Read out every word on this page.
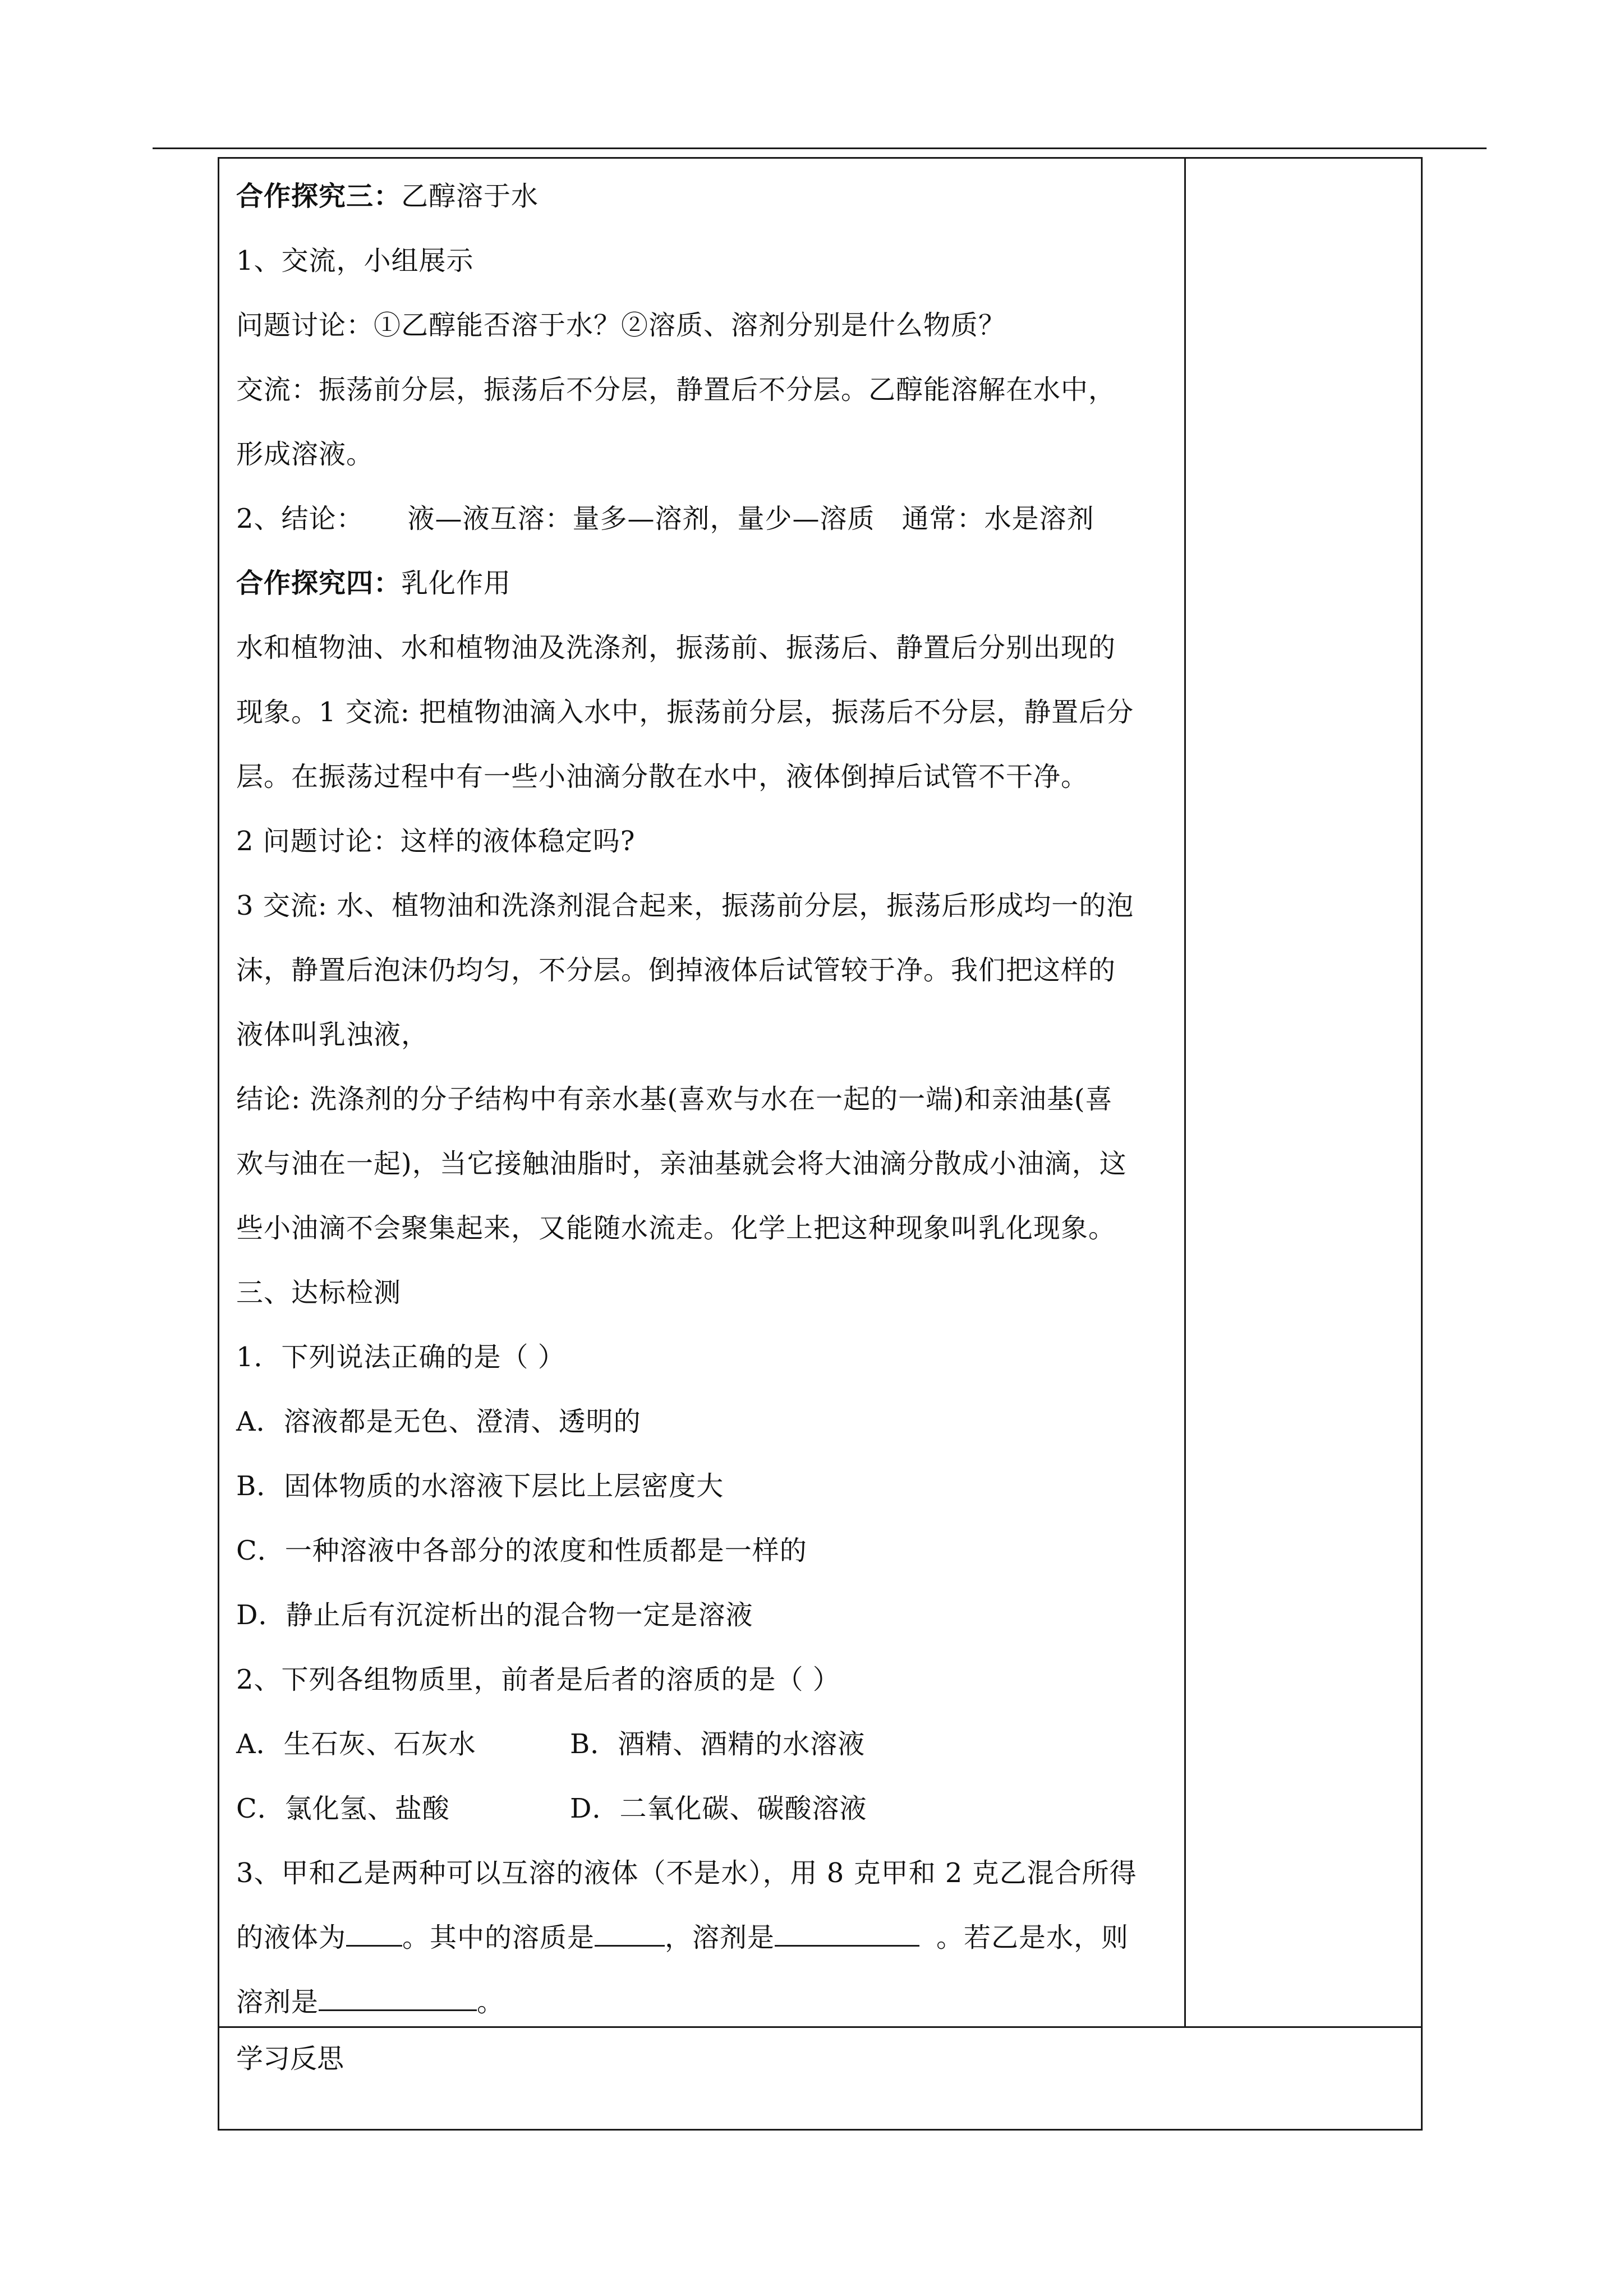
合作探究三：乙醇溶于水
1、交流，小组展示
问题讨论：①乙醇能否溶于水？②溶质、溶剂分别是什么物质？
交流：振荡前分层，振荡后不分层，静置后不分层。乙醇能溶解在水中，
形成溶液。
2、结论： 液—液互溶：量多—溶剂，量少—溶质 通常：水是溶剂
合作探究四：乳化作用
水和植物油、水和植物油及洗涤剂，振荡前、振荡后、静置后分别出现的
现象。1 交流: 把植物油滴入水中，振荡前分层，振荡后不分层，静置后分
层。在振荡过程中有一些小油滴分散在水中，液体倒掉后试管不干净。
2 问题讨论：这样的液体稳定吗?
3 交流: 水、植物油和洗涤剂混合起来，振荡前分层，振荡后形成均一的泡
沫，静置后泡沫仍均匀，不分层。倒掉液体后试管较于净。我们把这样的
液体叫乳浊液，
结论: 洗涤剂的分子结构中有亲水基(喜欢与水在一起的一端)和亲油基(喜
欢与油在一起)，当它接触油脂时，亲油基就会将大油滴分散成小油滴，这
些小油滴不会聚集起来，又能随水流走。化学上把这种现象叫乳化现象。
三、达标检测
1．下列说法正确的是（ ）
A．溶液都是无色、澄清、透明的
B．固体物质的水溶液下层比上层密度大
C．一种溶液中各部分的浓度和性质都是一样的
D．静止后有沉淀析出的混合物一定是溶液
2、下列各组物质里，前者是后者的溶质的是（ ）
A．生石灰、石灰水	B．酒精、酒精的水溶液
C．氯化氢、盐酸	D．二氧化碳、碳酸溶液
3、甲和乙是两种可以互溶的液体（不是水），用 8 克甲和 2 克乙混合所得
的液体为 。其中的溶质是	，溶剂是	。若乙是水，则
溶剂是	。
学习反思
